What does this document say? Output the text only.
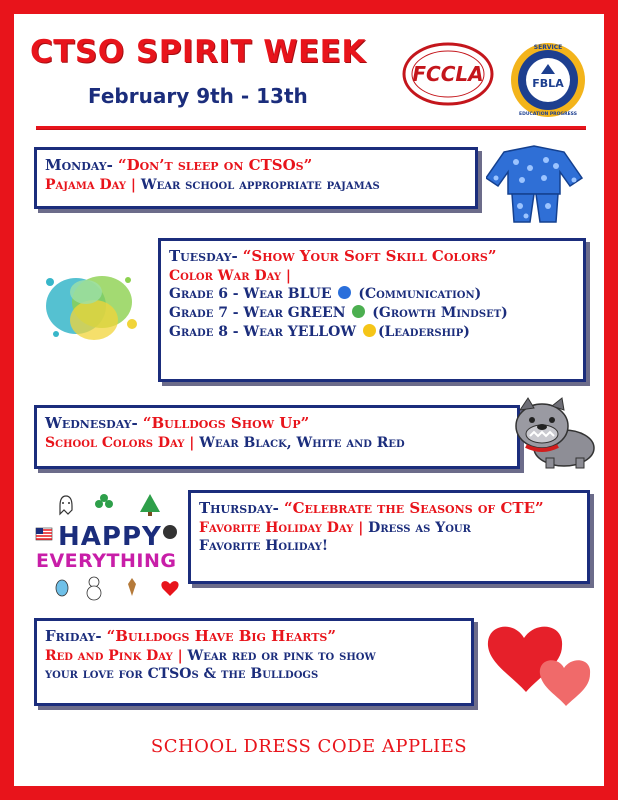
CTSO SPIRIT WEEK
February 9th - 13th
FCCLA
SERVICE
FBLA
EDUCATION PROGRESS
Monday- “Don’t sleep on CTSOs”
Pajama Day | Wear school appropriate pajamas
Tuesday- “Show Your Soft Skill Colors”
Color War Day |
Grade 6 - Wear BLUE (Communication)
Grade 7 - Wear GREEN (Growth Mindset)
Grade 8 - Wear YELLOW (Leadership)
Wednesday- “Bulldogs Show Up”
School Colors Day | Wear Black, White and Red
HAPPY
EVERYTHING
Thursday- “Celebrate the Seasons of CTE”
Favorite Holiday Day | Dress as Your
Favorite Holiday!
Friday- “Bulldogs Have Big Hearts”
Red and Pink Day | Wear red or pink to show
your love for CTSOs & the Bulldogs
SCHOOL DRESS CODE APPLIES
